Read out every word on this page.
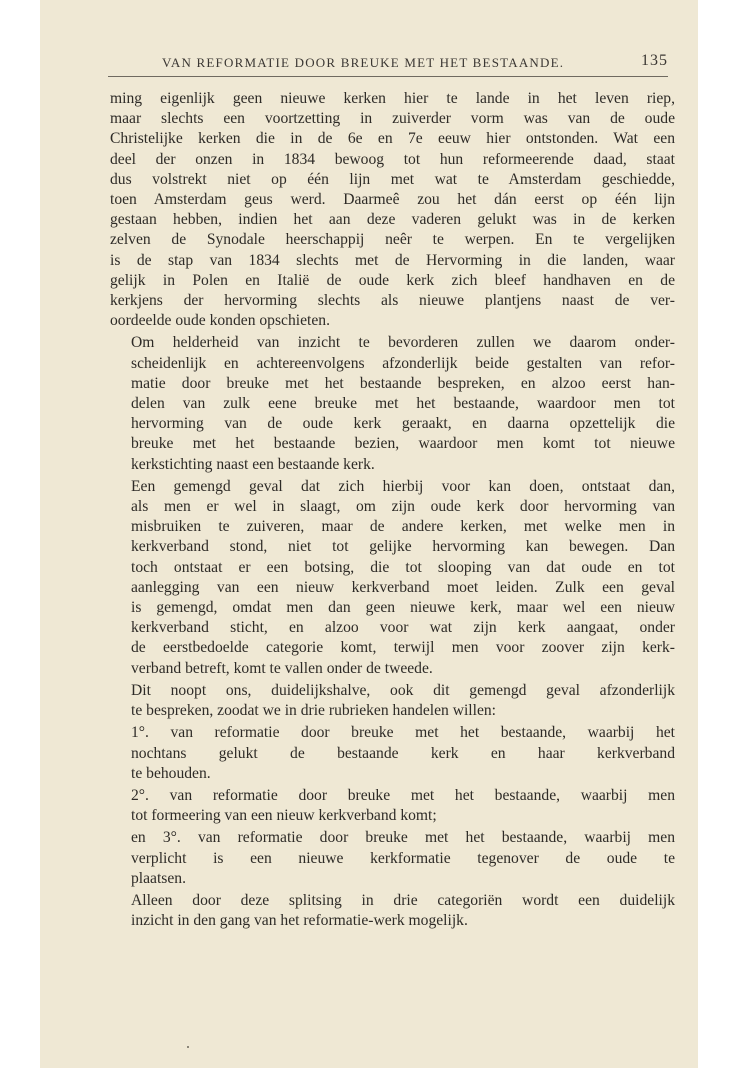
VAN REFORMATIE DOOR BREUKE MET HET BESTAANDE.	135

ming eigenlijk geen nieuwe kerken hier te lande in het leven riep,
maar slechts een voortzetting in zuiverder vorm was van de oude
Christelijke kerken die in de 6e en 7e eeuw hier ontstonden. Wat een
deel der onzen in 1834 bewoog tot hun reformeerende daad, staat
dus volstrekt niet op één lijn met wat te Amsterdam geschiedde,
toen Amsterdam geus werd. Daarmeê zou het dán eerst op één lijn
gestaan hebben, indien het aan deze vaderen gelukt was in de kerken
zelven de Synodale heerschappij neêr te werpen. En te vergelijken
is de stap van 1834 slechts met de Hervorming in die landen, waar
gelijk in Polen en Italië de oude kerk zich bleef handhaven en de
kerkjens der hervorming slechts als nieuwe plantjens naast de ver-
oordeelde oude konden opschieten.

Om helderheid van inzicht te bevorderen zullen we daarom onder-
scheidenlijk en achtereenvolgens afzonderlijk beide gestalten van refor-
matie door breuke met het bestaande bespreken, en alzoo eerst han-
delen van zulk eene breuke met het bestaande, waardoor men tot
hervorming van de oude kerk geraakt, en daarna opzettelijk die
breuke met het bestaande bezien, waardoor men komt tot nieuwe
kerkstichting naast een bestaande kerk.

Een gemengd geval dat zich hierbij voor kan doen, ontstaat dan,
als men er wel in slaagt, om zijn oude kerk door hervorming van
misbruiken te zuiveren, maar de andere kerken, met welke men in
kerkverband stond, niet tot gelijke hervorming kan bewegen. Dan
toch ontstaat er een botsing, die tot slooping van dat oude en tot
aanlegging van een nieuw kerkverband moet leiden. Zulk een geval
is gemengd, omdat men dan geen nieuwe kerk, maar wel een nieuw
kerkverband sticht, en alzoo voor wat zijn kerk aangaat, onder
de eerstbedoelde categorie komt, terwijl men voor zoover zijn kerk-
verband betreft, komt te vallen onder de tweede.

Dit noopt ons, duidelijkshalve, ook dit gemengd geval afzonderlijk
te bespreken, zoodat we in drie rubrieken handelen willen:

1°. van reformatie door breuke met het bestaande, waarbij het
nochtans gelukt de bestaande kerk en haar kerkverband
te behouden.

2°. van reformatie door breuke met het bestaande, waarbij men
tot formeering van een nieuw kerkverband komt;

en 3°. van reformatie door breuke met het bestaande, waarbij men
verplicht is een nieuwe kerkformatie tegenover de oude te
plaatsen.

Alleen door deze splitsing in drie categoriën wordt een duidelijk
inzicht in den gang van het reformatie-werk mogelijk.
